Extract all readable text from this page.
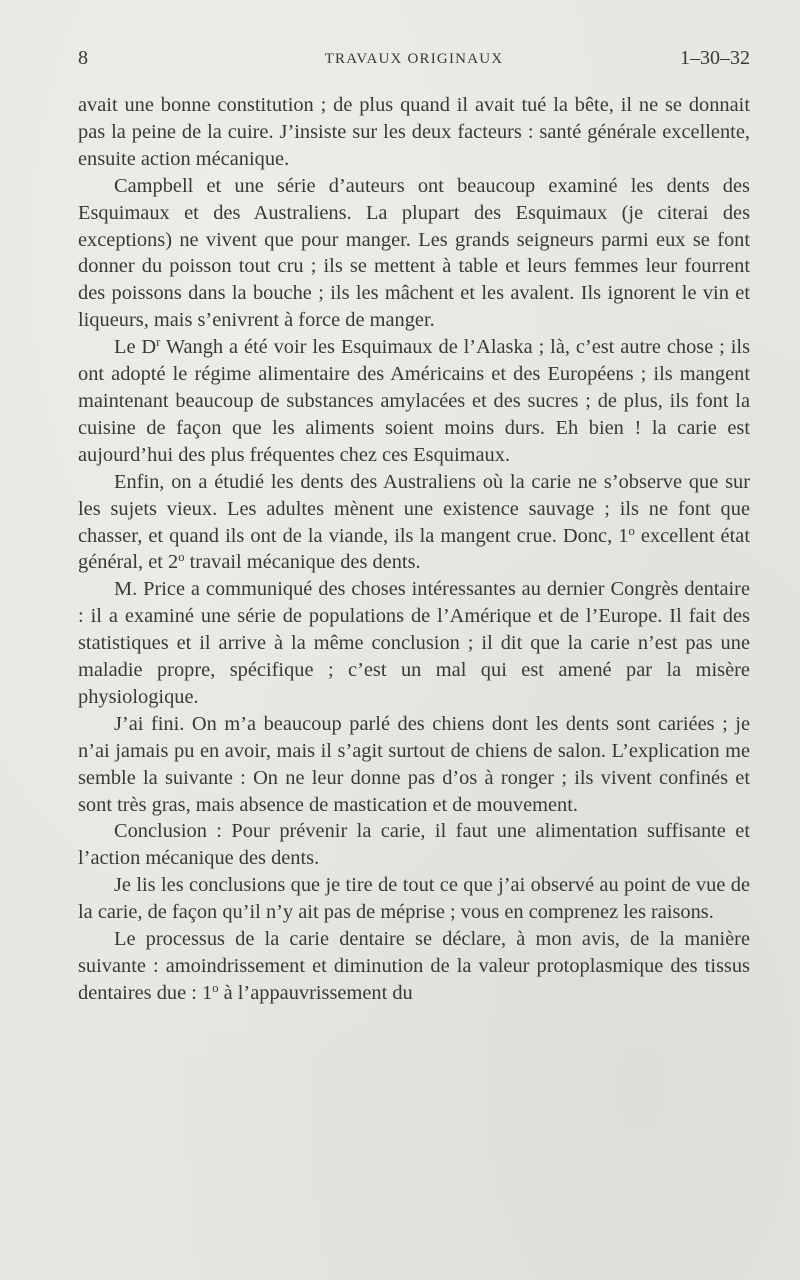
8	TRAVAUX ORIGINAUX	1–30–32

avait une bonne constitution ; de plus quand il avait tué la bête, il ne se donnait pas la peine de la cuire. J’insiste sur les deux facteurs : santé générale excellente, ensuite action mécanique.

Campbell et une série d’auteurs ont beaucoup examiné les dents des Esquimaux et des Australiens. La plupart des Esquimaux (je citerai des exceptions) ne vivent que pour manger. Les grands seigneurs parmi eux se font donner du poisson tout cru ; ils se mettent à table et leurs femmes leur fourrent des poissons dans la bouche ; ils les mâchent et les avalent. Ils ignorent le vin et liqueurs, mais s’enivrent à force de manger.

Le $D^r$ Wangh a été voir les Esquimaux de l’Alaska ; là, c’est autre chose ; ils ont adopté le régime alimentaire des Américains et des Européens ; ils mangent maintenant beaucoup de substances amylacées et des sucres ; de plus, ils font la cuisine de façon que les aliments soient moins durs. Eh bien ! la carie est aujourd’hui des plus fréquentes chez ces Esquimaux.

Enfin, on a étudié les dents des Australiens où la carie ne s’observe que sur les sujets vieux. Les adultes mènent une existence sauvage ; ils ne font que chasser, et quand ils ont de la viande, ils la mangent crue. Donc, 1$^o$ excellent état général, et 2$^o$ travail mécanique des dents.

M. Price a communiqué des choses intéressantes au dernier Congrès dentaire : il a examiné une série de populations de l’Amérique et de l’Europe. Il fait des statistiques et il arrive à la même conclusion ; il dit que la carie n’est pas une maladie propre, spécifique ; c’est un mal qui est amené par la misère physiologique.

J’ai fini. On m’a beaucoup parlé des chiens dont les dents sont cariées ; je n’ai jamais pu en avoir, mais il s’agit surtout de chiens de salon. L’explication me semble la suivante : On ne leur donne pas d’os à ronger ; ils vivent confinés et sont très gras, mais absence de mastication et de mouvement.

Conclusion : Pour prévenir la carie, il faut une alimentation suffisante et l’action mécanique des dents.

Je lis les conclusions que je tire de tout ce que j’ai observé au point de vue de la carie, de façon qu’il n’y ait pas de méprise ; vous en comprenez les raisons.

Le processus de la carie dentaire se déclare, à mon avis, de la manière suivante : amoindrissement et diminution de la valeur protoplasmique des tissus dentaires due : 1$^o$ à l’appauvrissement du
